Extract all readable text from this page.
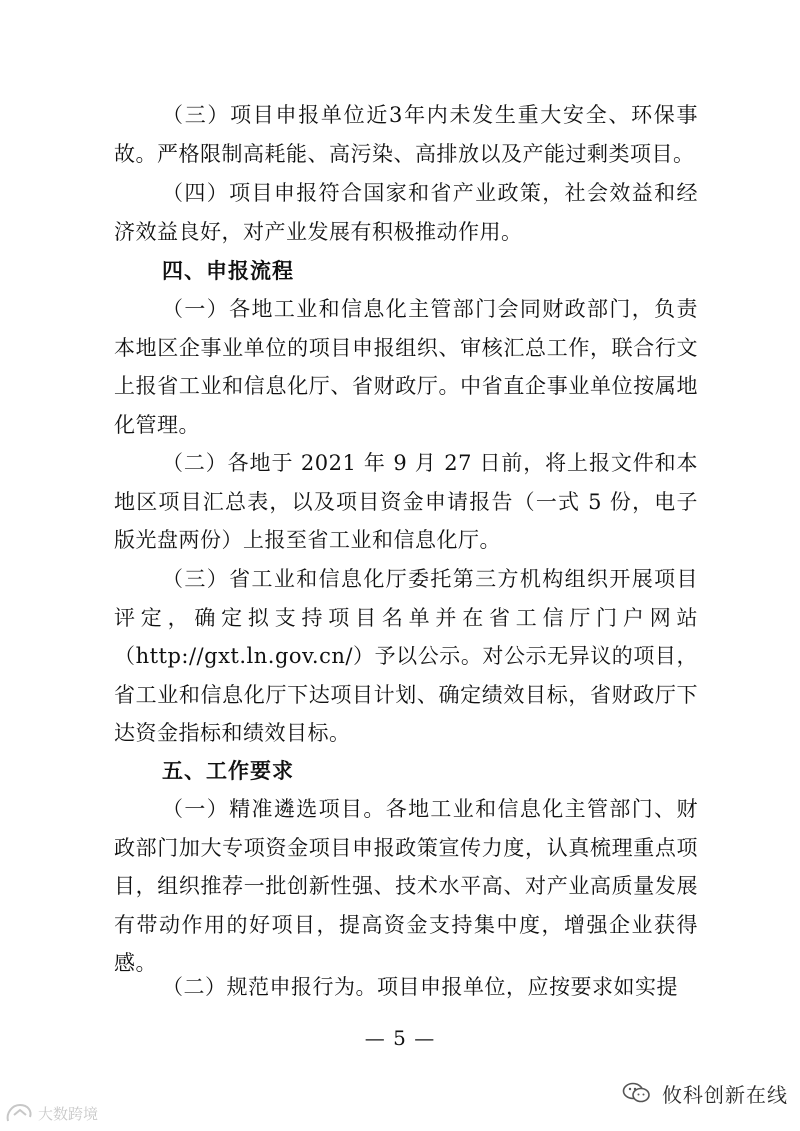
（三）项目申报单位近3年内未发生重大安全、环保事故。严格限制高耗能、高污染、高排放以及产能过剩类项目。

（四）项目申报符合国家和省产业政策，社会效益和经济效益良好，对产业发展有积极推动作用。

四、申报流程

（一）各地工业和信息化主管部门会同财政部门，负责本地区企事业单位的项目申报组织、审核汇总工作，联合行文上报省工业和信息化厅、省财政厅。中省直企事业单位按属地化管理。

（二）各地于 2021 年 9 月 27 日前，将上报文件和本地区项目汇总表，以及项目资金申请报告（一式 5 份，电子版光盘两份）上报至省工业和信息化厅。

（三）省工业和信息化厅委托第三方机构组织开展项目评定，确定拟支持项目名单并在省工信厅门户网站（http://gxt.ln.gov.cn/）予以公示。对公示无异议的项目，省工业和信息化厅下达项目计划、确定绩效目标，省财政厅下达资金指标和绩效目标。

五、工作要求

（一）精准遴选项目。各地工业和信息化主管部门、财政部门加大专项资金项目申报政策宣传力度，认真梳理重点项目，组织推荐一批创新性强、技术水平高、对产业高质量发展有带动作用的好项目，提高资金支持集中度，增强企业获得感。

（二）规范申报行为。项目申报单位，应按要求如实提

— 5 —
攸科创新在线
大数跨境
